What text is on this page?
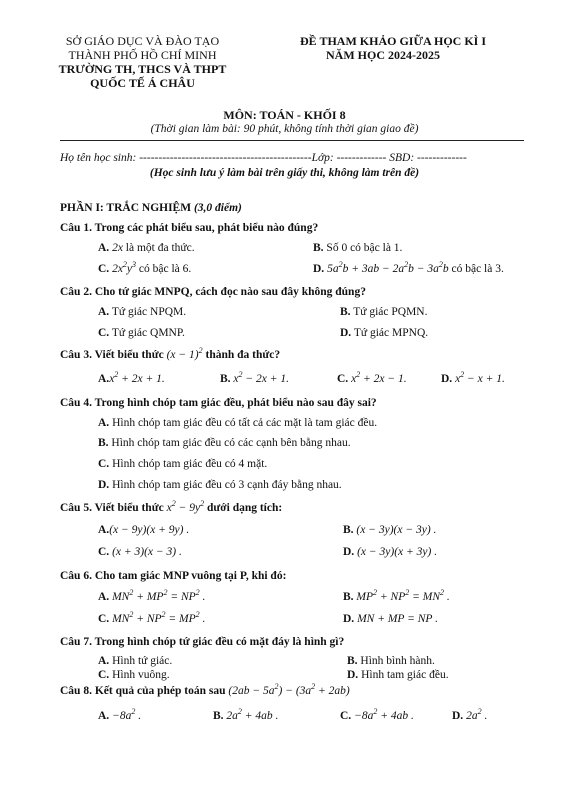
SỞ GIÁO DỤC VÀ ĐÀO TẠO
THÀNH PHỐ HỒ CHÍ MINH
TRƯỜNG TH, THCS VÀ THPT
QUỐC TẾ Á CHÂU
ĐỀ THAM KHẢO GIỮA HỌC KÌ I
NĂM HỌC 2024-2025
MÔN: TOÁN - KHỐI 8
(Thời gian làm bài: 90 phút, không tính thời gian giao đề)
Họ tên học sinh: ---------------------------------------------Lớp: ------------- SBD: -------------
(Học sinh lưu ý làm bài trên giấy thi, không làm trên đề)
PHẦN I: TRẮC NGHIỆM (3,0 điểm)
Câu 1. Trong các phát biểu sau, phát biểu nào đúng?
A. 2x là một đa thức.	B. Số 0 có bậc là 1.
C. $2x^2y^3$ có bậc là 6.	D. $5a^2b + 3ab - 2a^2b - 3a^2b$ có bậc là 3.
Câu 2. Cho tứ giác MNPQ, cách đọc nào sau đây không đúng?
A. Tứ giác NPQM.	B. Tứ giác PQMN.
C. Tứ giác QMNP.	D. Tứ giác MPNQ.
Câu 3. Viết biểu thức $(x - 1)^2$ thành đa thức?
$A.x^2 + 2x + 1$.	B. $x^2 - 2x + 1$.	C. $x^2 + 2x - 1$.	D. $x^2 - x + 1$.
Câu 4. Trong hình chóp tam giác đều, phát biểu nào sau đây sai?
A. Hình chóp tam giác đều có tất cả các mặt là tam giác đều.
B. Hình chóp tam giác đều có các cạnh bên bằng nhau.
C. Hình chóp tam giác đều có 4 mặt.
D. Hình chóp tam giác đều có 3 cạnh đáy bằng nhau.
Câu 5. Viết biểu thức $x^2 - 9y^2$ dưới dạng tích:
A.(x − 9y)(x + 9y) .	B. (x − 3y)(x − 3y) .
C. (x + 3)(x − 3) .	D. (x − 3y)(x + 3y) .
Câu 6. Cho tam giác MNP vuông tại P, khi đó:
A. $MN^2 + MP^2 = NP^2$ .	B. $MP^2 + NP^2 = MN^2$ .
C. $MN^2 + NP^2 = MP^2$ .	D. MN + MP = NP .
Câu 7. Trong hình chóp tứ giác đều có mặt đáy là hình gì?
A. Hình tứ giác.	B. Hình bình hành.
C. Hình vuông.	D. Hình tam giác đều.
Câu 8. Kết quả của phép toán sau $(2ab - 5a^2) - (3a^2 + 2ab)$
A. $-8a^2$ .	B. $2a^2 + 4ab$ .	C. $-8a^2 + 4ab$ .	D. $2a^2$ .
